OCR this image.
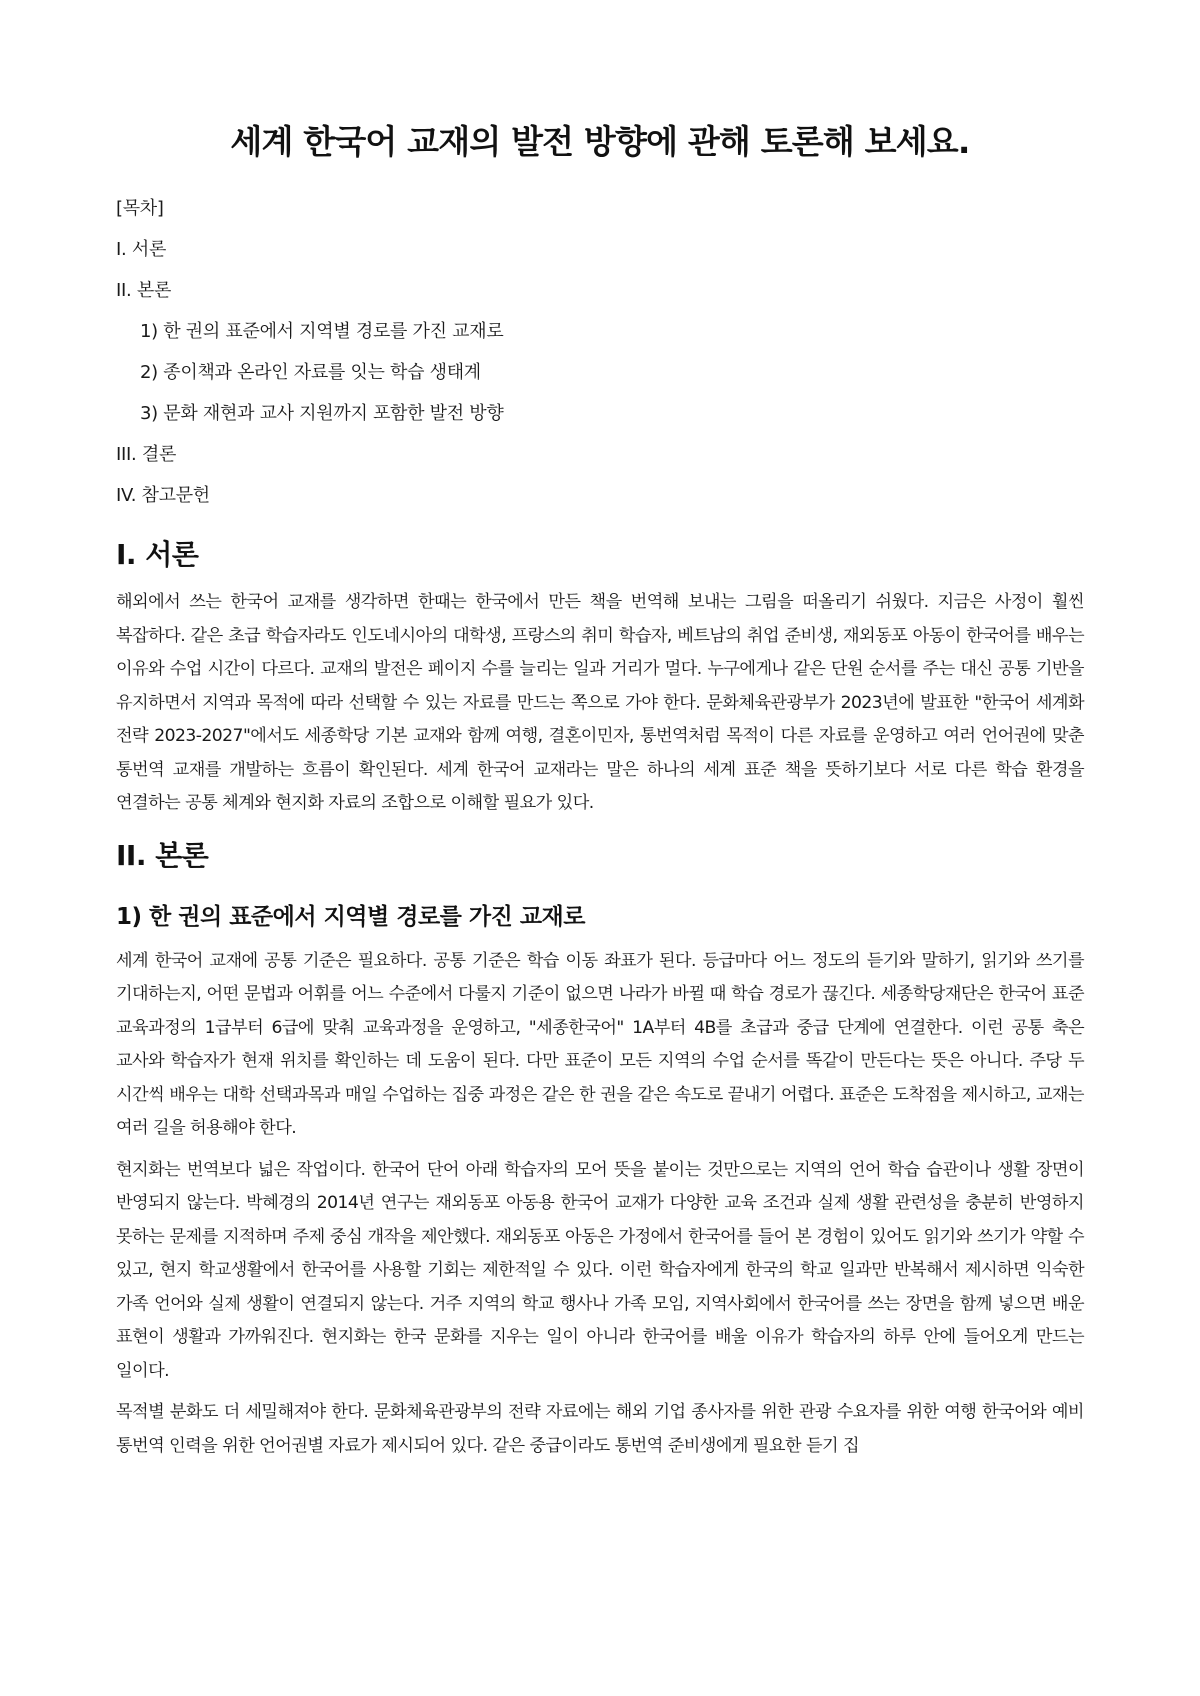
세계 한국어 교재의 발전 방향에 관해 토론해 보세요.
[목차]
I. 서론
II. 본론
1) 한 권의 표준에서 지역별 경로를 가진 교재로
2) 종이책과 온라인 자료를 잇는 학습 생태계
3) 문화 재현과 교사 지원까지 포함한 발전 방향
III. 결론
IV. 참고문헌
I. 서론

해외에서 쓰는 한국어 교재를 생각하면 한때는 한국에서 만든 책을 번역해 보내는 그림을 떠올리기 쉬웠다. 지금은 사정이 훨씬 복잡하다. 같은 초급 학습자라도 인도네시아의 대학생, 프랑스의 취미 학습자, 베트남의 취업 준비생, 재외동포 아동이 한국어를 배우는 이유와 수업 시간이 다르다. 교재의 발전은 페이지 수를 늘리는 일과 거리가 멀다. 누구에게나 같은 단원 순서를 주는 대신 공통 기반을 유지하면서 지역과 목적에 따라 선택할 수 있는 자료를 만드는 쪽으로 가야 한다. 문화체육관광부가 2023년에 발표한 "한국어 세계화 전략 2023-2027"에서도 세종학당 기본 교재와 함께 여행, 결혼이민자, 통번역처럼 목적이 다른 자료를 운영하고 여러 언어권에 맞춘 통번역 교재를 개발하는 흐름이 확인된다. 세계 한국어 교재라는 말은 하나의 세계 표준 책을 뜻하기보다 서로 다른 학습 환경을 연결하는 공통 체계와 현지화 자료의 조합으로 이해할 필요가 있다.

II. 본론
1) 한 권의 표준에서 지역별 경로를 가진 교재로

세계 한국어 교재에 공통 기준은 필요하다. 공통 기준은 학습 이동 좌표가 된다. 등급마다 어느 정도의 듣기와 말하기, 읽기와 쓰기를 기대하는지, 어떤 문법과 어휘를 어느 수준에서 다룰지 기준이 없으면 나라가 바뀔 때 학습 경로가 끊긴다. 세종학당재단은 한국어 표준 교육과정의 1급부터 6급에 맞춰 교육과정을 운영하고, "세종한국어" 1A부터 4B를 초급과 중급 단계에 연결한다. 이런 공통 축은 교사와 학습자가 현재 위치를 확인하는 데 도움이 된다. 다만 표준이 모든 지역의 수업 순서를 똑같이 만든다는 뜻은 아니다. 주당 두 시간씩 배우는 대학 선택과목과 매일 수업하는 집중 과정은 같은 한 권을 같은 속도로 끝내기 어렵다. 표준은 도착점을 제시하고, 교재는 여러 길을 허용해야 한다.

현지화는 번역보다 넓은 작업이다. 한국어 단어 아래 학습자의 모어 뜻을 붙이는 것만으로는 지역의 언어 학습 습관이나 생활 장면이 반영되지 않는다. 박혜경의 2014년 연구는 재외동포 아동용 한국어 교재가 다양한 교육 조건과 실제 생활 관련성을 충분히 반영하지 못하는 문제를 지적하며 주제 중심 개작을 제안했다. 재외동포 아동은 가정에서 한국어를 들어 본 경험이 있어도 읽기와 쓰기가 약할 수 있고, 현지 학교생활에서 한국어를 사용할 기회는 제한적일 수 있다. 이런 학습자에게 한국의 학교 일과만 반복해서 제시하면 익숙한 가족 언어와 실제 생활이 연결되지 않는다. 거주 지역의 학교 행사나 가족 모임, 지역사회에서 한국어를 쓰는 장면을 함께 넣으면 배운 표현이 생활과 가까워진다. 현지화는 한국 문화를 지우는 일이 아니라 한국어를 배울 이유가 학습자의 하루 안에 들어오게 만드는 일이다.

목적별 분화도 더 세밀해져야 한다. 문화체육관광부의 전략 자료에는 해외 기업 종사자를 위한 관광 수요자를 위한 여행 한국어와 예비 통번역 인력을 위한 언어권별 자료가 제시되어 있다. 같은 중급이라도 통번역 준비생에게 필요한 듣기 집
